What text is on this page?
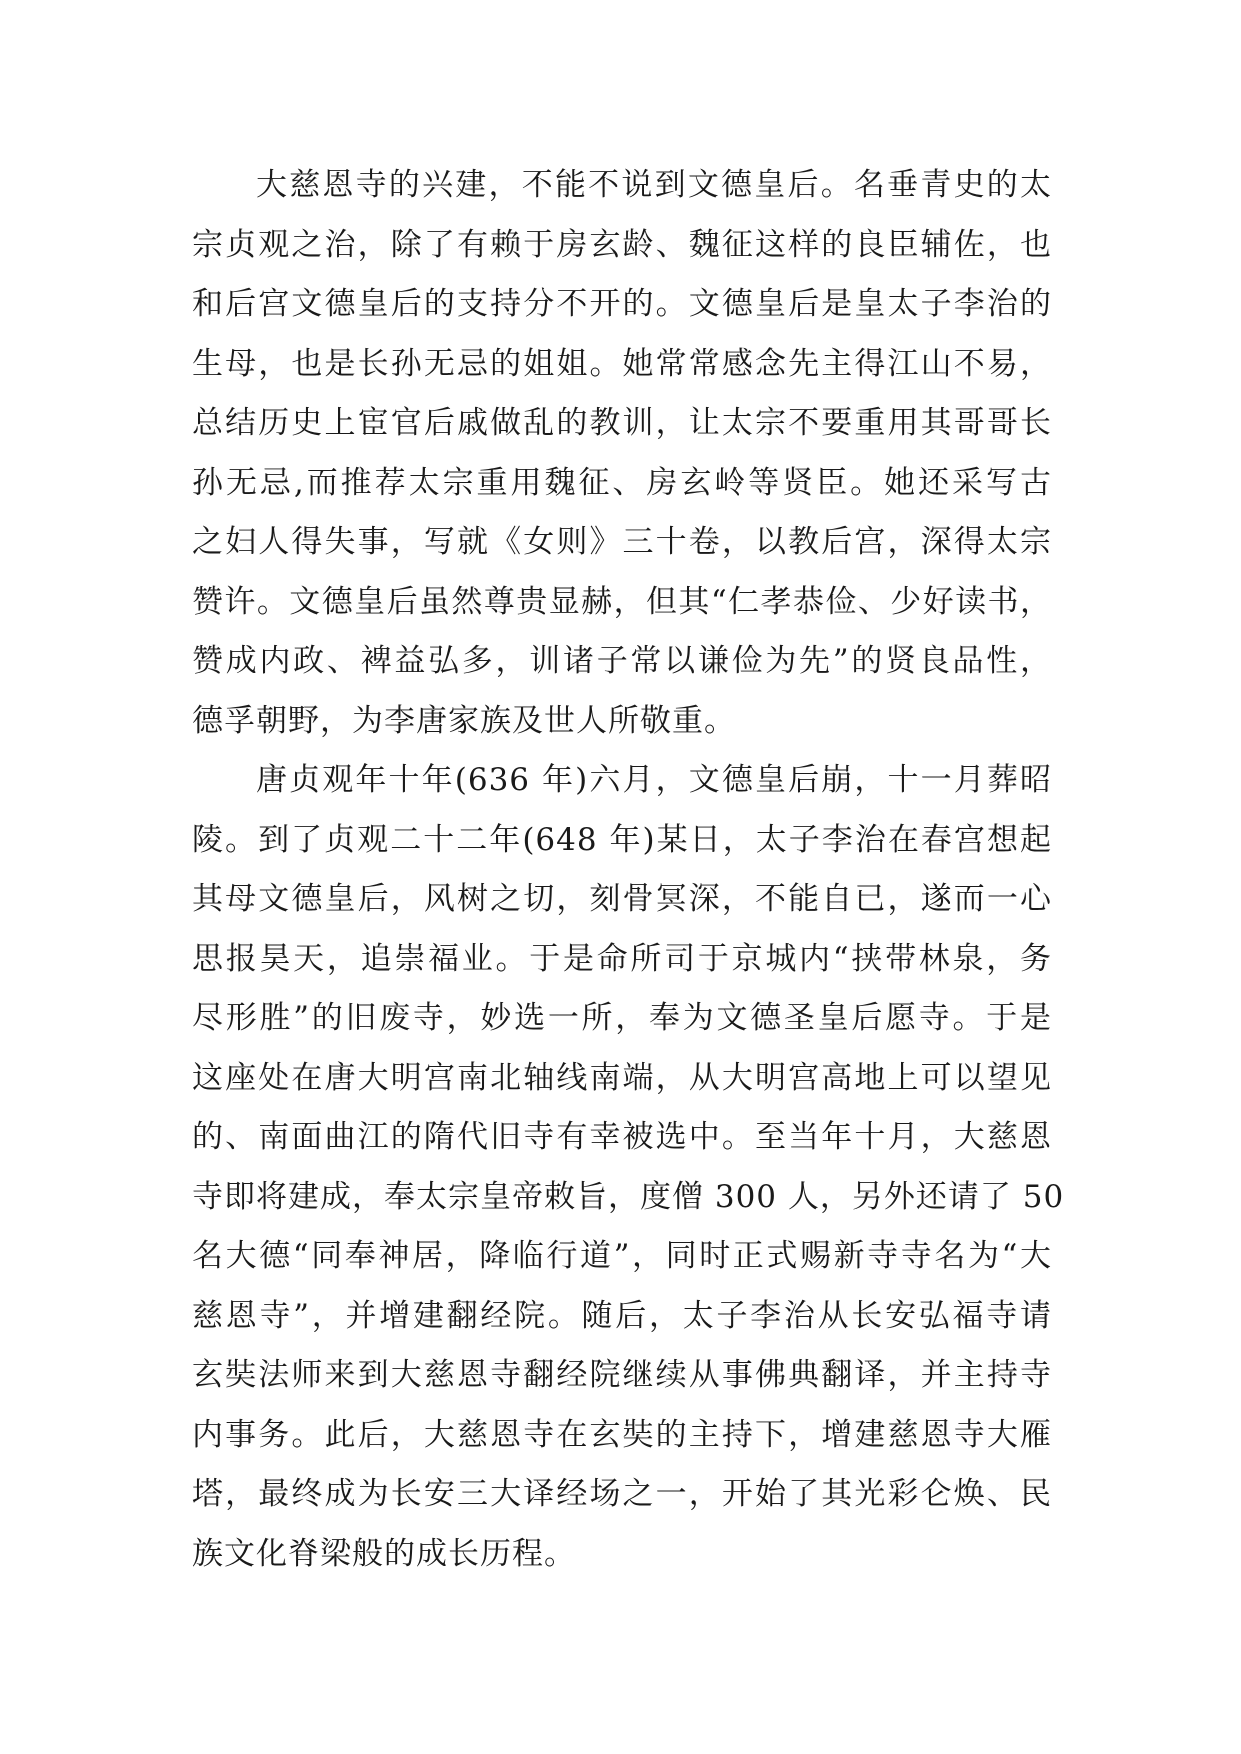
大慈恩寺的兴建，不能不说到文德皇后。名垂青史的太
宗贞观之治，除了有赖于房玄龄、魏征这样的良臣辅佐，也
和后宫文德皇后的支持分不开的。文德皇后是皇太子李治的
生母，也是长孙无忌的姐姐。她常常感念先主得江山不易，
总结历史上宦官后戚做乱的教训，让太宗不要重用其哥哥长
孙无忌,而推荐太宗重用魏征、房玄岭等贤臣。她还采写古
之妇人得失事，写就《女则》三十卷，以教后宫，深得太宗
赞许。文德皇后虽然尊贵显赫，但其“仁孝恭俭、少好读书，
赞成内政、裨益弘多，训诸子常以谦俭为先”的贤良品性，
德孚朝野，为李唐家族及世人所敬重。
唐贞观年十年(636 年)六月，文德皇后崩，十一月葬昭
陵。到了贞观二十二年(648 年)某日，太子李治在春宫想起
其母文德皇后，风树之切，刻骨冥深，不能自已，遂而一心
思报昊天，追崇福业。于是命所司于京城内“挟带林泉，务
尽形胜”的旧废寺，妙选一所，奉为文德圣皇后愿寺。于是
这座处在唐大明宫南北轴线南端，从大明宫高地上可以望见
的、南面曲江的隋代旧寺有幸被选中。至当年十月，大慈恩
寺即将建成，奉太宗皇帝敕旨，度僧 300 人，另外还请了 50
名大德“同奉神居，降临行道”，同时正式赐新寺寺名为“大
慈恩寺”，并增建翻经院。随后，太子李治从长安弘福寺请
玄奘法师来到大慈恩寺翻经院继续从事佛典翻译，并主持寺
内事务。此后，大慈恩寺在玄奘的主持下，增建慈恩寺大雁
塔，最终成为长安三大译经场之一，开始了其光彩仑焕、民
族文化脊梁般的成长历程。
